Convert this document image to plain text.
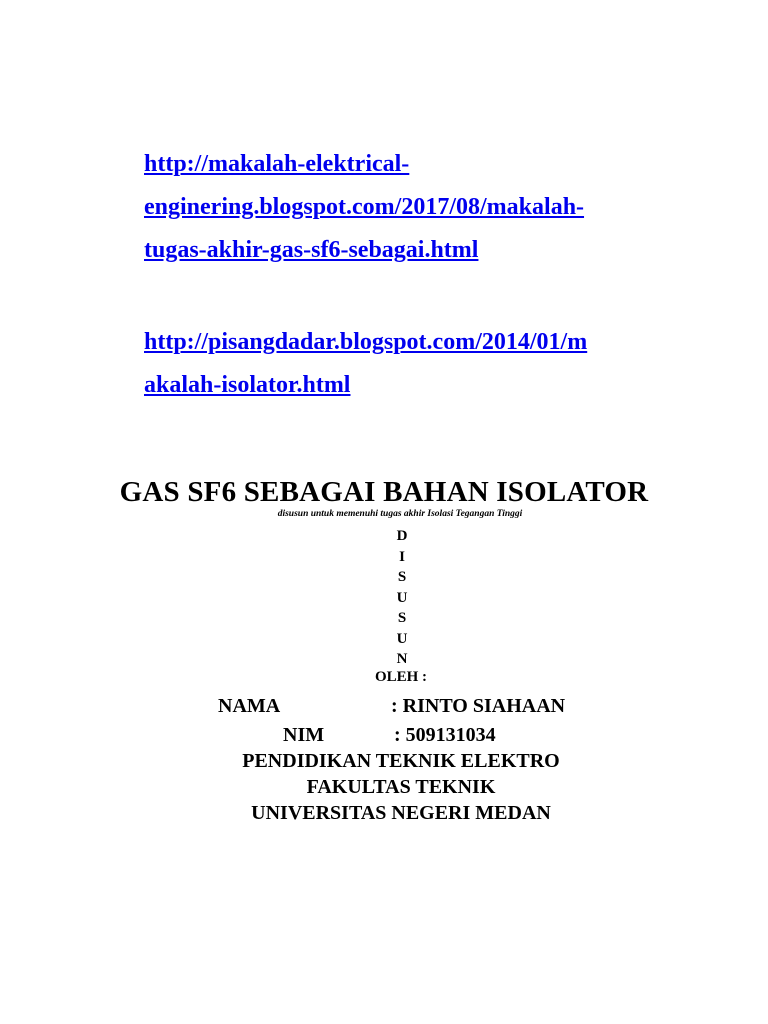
http://makalah-elektrical-
enginering.blogspot.com/2017/08/makalah-
tugas-akhir-gas-sf6-sebagai.html
http://pisangdadar.blogspot.com/2014/01/m
akalah-isolator.html
GAS SF6 SEBAGAI BAHAN ISOLATOR
disusun untuk memenuhi tugas akhir Isolasi Tegangan Tinggi
D
I
S
U
S
U
N
OLEH :
NAMA	: RINTO SIAHAAN
NIM	: 509131034
PENDIDIKAN TEKNIK ELEKTRO
FAKULTAS TEKNIK
UNIVERSITAS NEGERI MEDAN
